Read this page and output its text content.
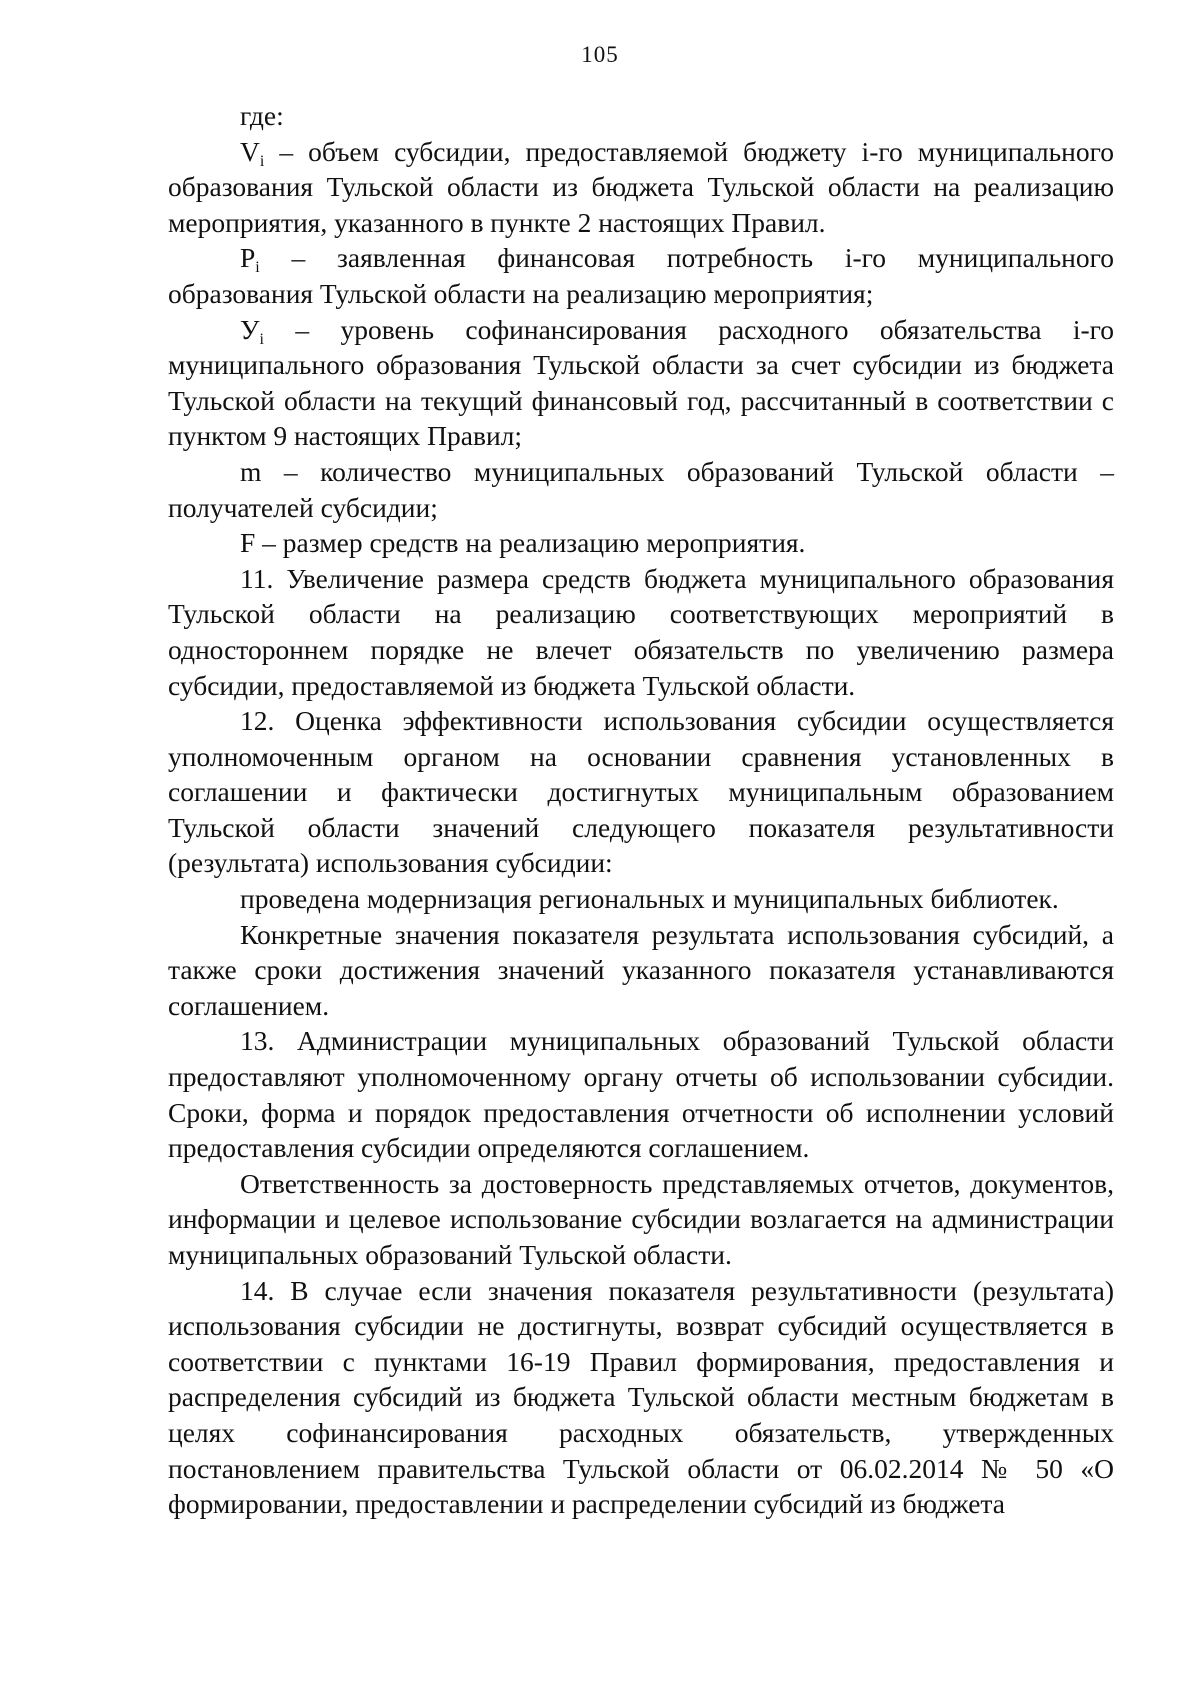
105

где:

$V_i$ – объем субсидии, предоставляемой бюджету i-го муниципального образования Тульской области из бюджета Тульской области на реализацию мероприятия, указанного в пункте 2 настоящих Правил.

$P_i$ – заявленная финансовая потребность i-го муниципального образования Тульской области на реализацию мероприятия;

$У_i$ – уровень софинансирования расходного обязательства i-го муниципального образования Тульской области за счет субсидии из бюджета Тульской области на текущий финансовый год, рассчитанный в соответствии с пунктом 9 настоящих Правил;

m – количество муниципальных образований Тульской области – получателей субсидии;

F – размер средств на реализацию мероприятия.

11. Увеличение размера средств бюджета муниципального образования Тульской области на реализацию соответствующих мероприятий в одностороннем порядке не влечет обязательств по увеличению размера субсидии, предоставляемой из бюджета Тульской области.

12. Оценка эффективности использования субсидии осуществляется уполномоченным органом на основании сравнения установленных в соглашении и фактически достигнутых муниципальным образованием Тульской области значений следующего показателя результативности (результата) использования субсидии:

проведена модернизация региональных и муниципальных библиотек.

Конкретные значения показателя результата использования субсидий, а также сроки достижения значений указанного показателя устанавливаются соглашением.

13. Администрации муниципальных образований Тульской области предоставляют уполномоченному органу отчеты об использовании субсидии. Сроки, форма и порядок предоставления отчетности об исполнении условий предоставления субсидии определяются соглашением.

Ответственность за достоверность представляемых отчетов, документов, информации и целевое использование субсидии возлагается на администрации муниципальных образований Тульской области.

14. В случае если значения показателя результативности (результата) использования субсидии не достигнуты, возврат субсидий осуществляется в соответствии с пунктами 16-19 Правил формирования, предоставления и распределения субсидий из бюджета Тульской области местным бюджетам в целях софинансирования расходных обязательств, утвержденных постановлением правительства Тульской области от 06.02.2014 № 50 «О формировании, предоставлении и распределении субсидий из бюджета
